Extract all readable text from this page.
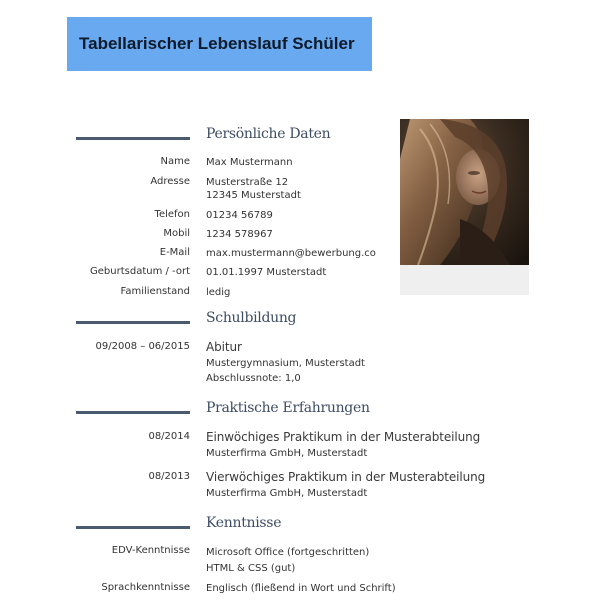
Tabellarischer Lebenslauf Schüler
Persönliche Daten
Name Max Mustermann
Adresse Musterstraße 12
12345 Musterstadt
Telefon 01234 56789
Mobil 1234 578967
E-Mail max.mustermann@bewerbung.co
Geburtsdatum / -ort 01.01.1997 Musterstadt
Familienstand ledig
Schulbildung
09/2008 – 06/2015 Abitur
Mustergymnasium, Musterstadt
Abschlussnote: 1,0
Praktische Erfahrungen
08/2014 Einwöchiges Praktikum in der Musterabteilung
Musterfirma GmbH, Musterstadt
08/2013 Vierwöchiges Praktikum in der Musterabteilung
Musterfirma GmbH, Musterstadt
Kenntnisse
EDV-Kenntnisse Microsoft Office (fortgeschritten)
HTML & CSS (gut)
Sprachkenntnisse Englisch (fließend in Wort und Schrift)
